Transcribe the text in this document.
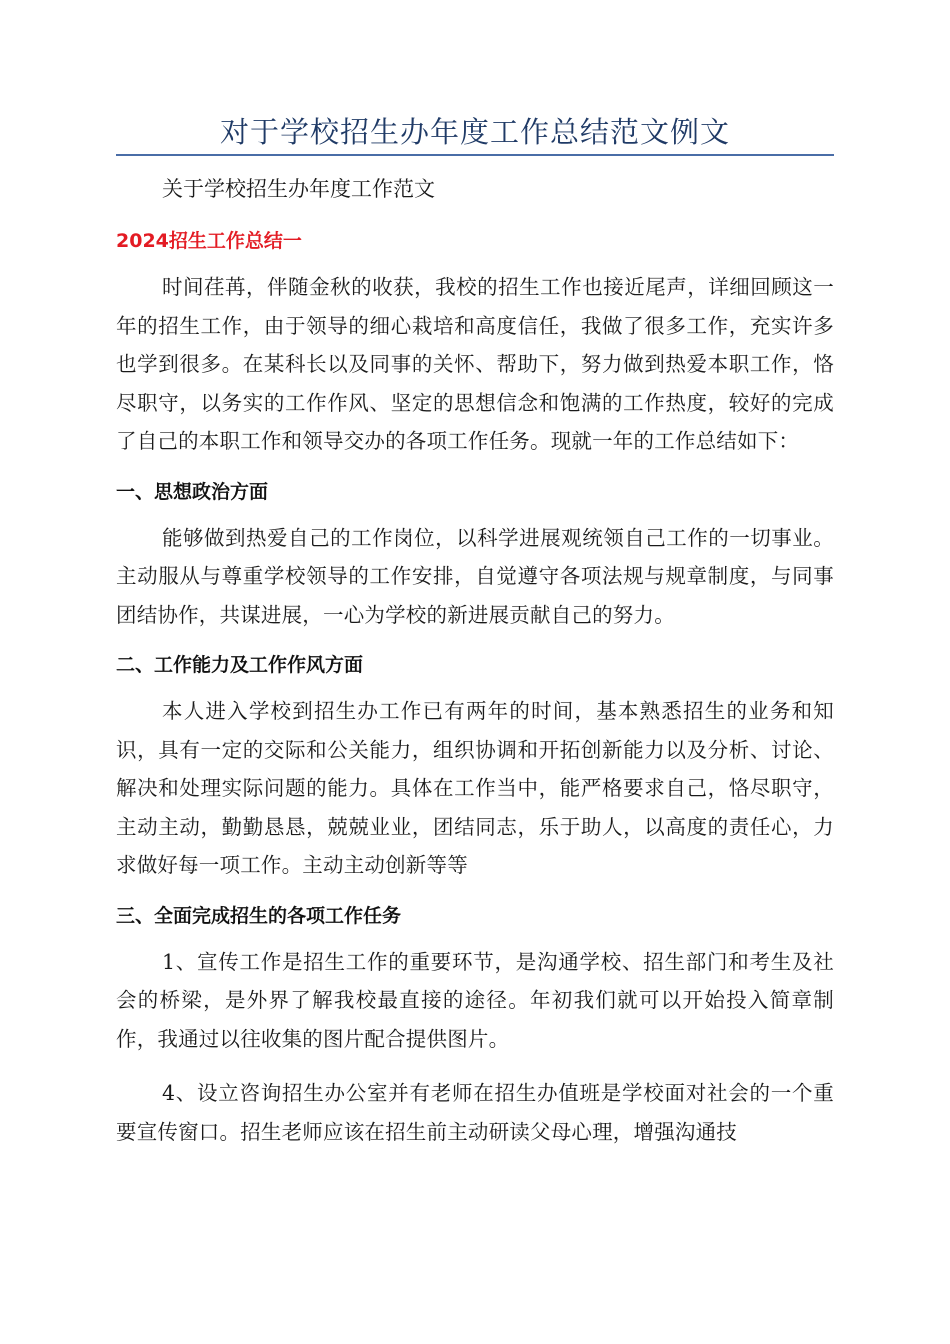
对于学校招生办年度工作总结范文例文

关于学校招生办年度工作范文

2024招生工作总结一

时间荏苒，伴随金秋的收获，我校的招生工作也接近尾声，详细回顾这一年的招生工作，由于领导的细心栽培和高度信任，我做了很多工作，充实许多也学到很多。在某科长以及同事的关怀、帮助下，努力做到热爱本职工作，恪尽职守，以务实的工作作风、坚定的思想信念和饱满的工作热度，较好的完成了自己的本职工作和领导交办的各项工作任务。现就一年的工作总结如下：

一、思想政治方面

能够做到热爱自己的工作岗位，以科学进展观统领自己工作的一切事业。主动服从与尊重学校领导的工作安排，自觉遵守各项法规与规章制度，与同事团结协作，共谋进展，一心为学校的新进展贡献自己的努力。

二、工作能力及工作作风方面

本人进入学校到招生办工作已有两年的时间，基本熟悉招生的业务和知识，具有一定的交际和公关能力，组织协调和开拓创新能力以及分析、讨论、解决和处理实际问题的能力。具体在工作当中，能严格要求自己，恪尽职守，主动主动，勤勤恳恳，兢兢业业，团结同志，乐于助人，以高度的责任心，力求做好每一项工作。主动主动创新等等

三、全面完成招生的各项工作任务

1、宣传工作是招生工作的重要环节，是沟通学校、招生部门和考生及社会的桥梁，是外界了解我校最直接的途径。年初我们就可以开始投入简章制作，我通过以往收集的图片配合提供图片。

4、设立咨询招生办公室并有老师在招生办值班是学校面对社会的一个重要宣传窗口。招生老师应该在招生前主动研读父母心理，增强沟通技
